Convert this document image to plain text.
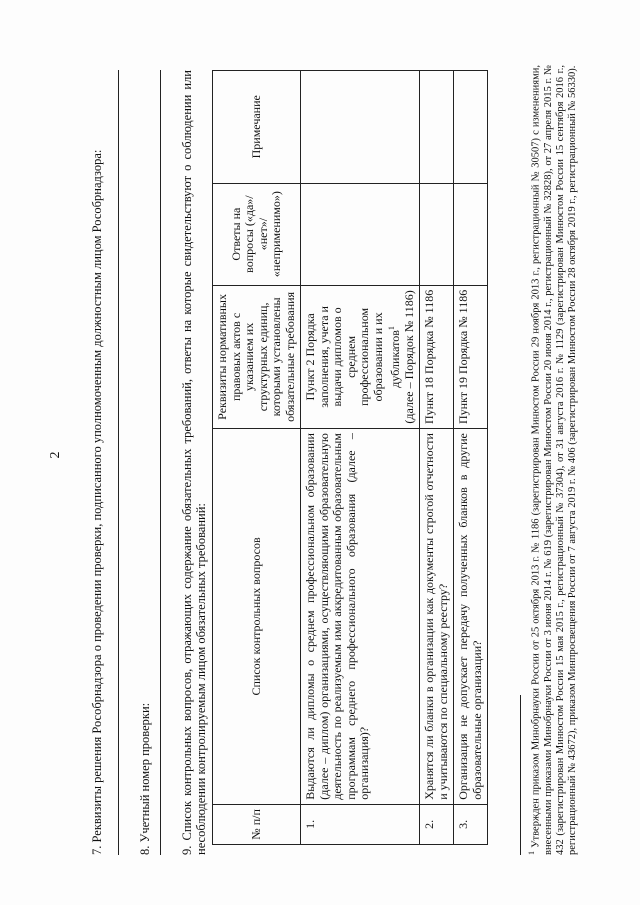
2 7. Реквизиты решения Рособрнадзора о проведении проверки, подписанного уполномоченным должностным лицом Рособрнадзора:	8. Учетный номер проверки: 9. Список контрольных вопросов, отражающих содержание обязательных требований, ответы на которые свидетельствуют о соблюдении или несоблюдении контролируемым лицом обязательных требований:	№ п/п	Список контрольных вопросов	Реквизиты нормативных правовых актов с указанием их структурных единиц, которыми установлены обязательные требования	Ответы на вопросы («да»/ «нет»/ «неприменимо»)	Примечание
1.	Выдаются ли дипломы о среднем профессиональном образовании (далее – диплом) организациями, осуществляющими образовательную деятельность по реализуемым ими аккредитованным образовательным программам среднего профессионального образования (далее – организация)?	Пункт 2 Порядка заполнения, учета и выдачи дипломов о среднем профессиональном образовании и их дубликатов$^1$ (далее – Порядок № 1186)		
2.	Хранятся ли бланки в организации как документы строгой отчетности и учитываются по специальному реестру?	Пункт 18 Порядка № 1186		
3.	Организация не допускает передачу полученных бланков в другие образовательные организации?	Пункт 19 Порядка № 1186		
$^1$ Утвержден приказом Минобрнауки России от 25 октября 2013 г. № 1186 (зарегистрирован Минюстом России 29 ноября 2013 г., регистрационный № 30507) с изменениями, внесенными приказами Минобрнауки России от 3 июня 2014 г. № 619 (зарегистрирован Минюстом России 20 июня 2014 г., регистрационный № 32828), от 27 апреля 2015 г. № 432 (зарегистрирован Минюстом России 15 мая 2015 г., регистрационный № 37304), от 31 августа 2016 г. № 1129 (зарегистрирован Минюстом России 15 сентября 2016 г., регистрационный № 43672), приказом Минпросвещения России от 7 августа 2019 г. № 406 (зарегистрирован Минюстом России 28 октября 2019 г., регистрационный № 56330).
